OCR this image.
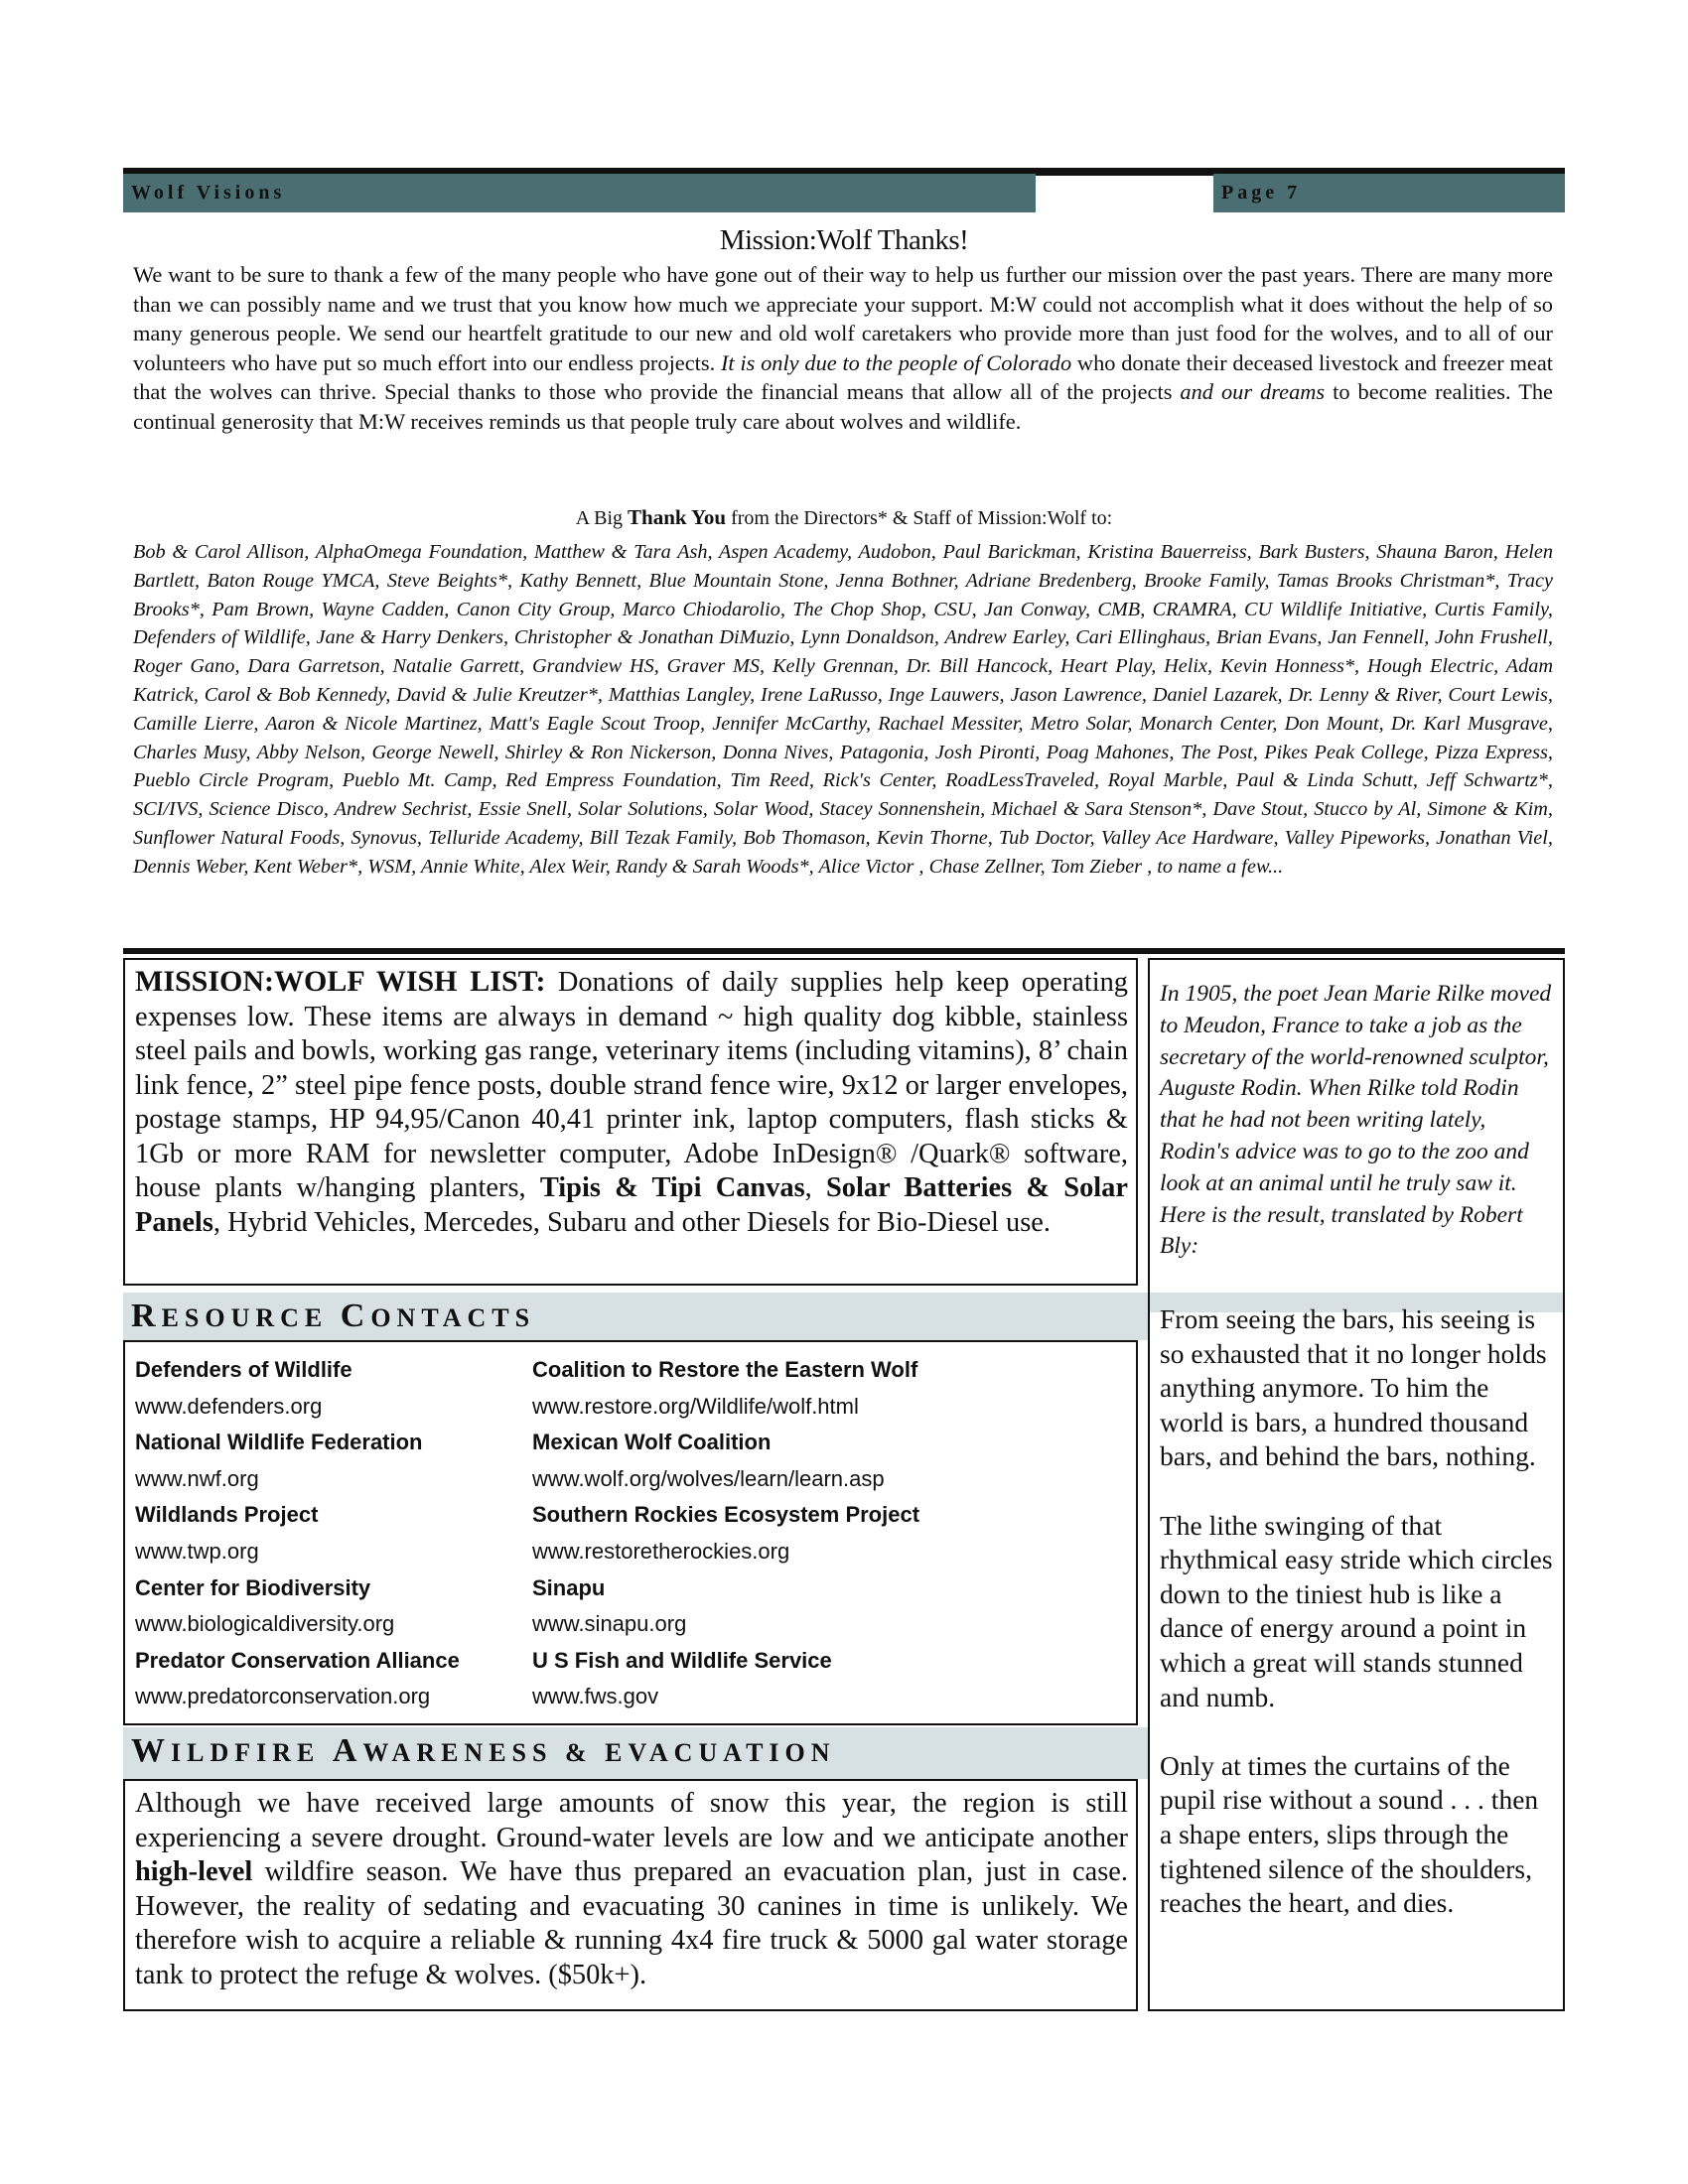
Wolf Visions	Page 7
Mission:Wolf Thanks!
We want to be sure to thank a few of the many people who have gone out of their way to help us further our mission over the past years. There are many more than we can possibly name and we trust that you know how much we appreciate your support. M:W could not accomplish what it does without the help of so many generous people. We send our heartfelt gratitude to our new and old wolf caretakers who provide more than just food for the wolves, and to all of our volunteers who have put so much effort into our endless projects. It is only due to the people of Colorado who donate their deceased livestock and freezer meat that the wolves can thrive. Special thanks to those who provide the financial means that allow all of the projects and our dreams to become realities. The continual generosity that M:W receives reminds us that people truly care about wolves and wildlife.
A Big Thank You from the Directors* & Staff of Mission:Wolf to:
Bob & Carol Allison, AlphaOmega Foundation, Matthew & Tara Ash, Aspen Academy, Audobon, Paul Barickman, Kristina Bauerreiss, Bark Busters, Shauna Baron, Helen Bartlett, Baton Rouge YMCA, Steve Beights*, Kathy Bennett, Blue Mountain Stone, Jenna Bothner, Adriane Bredenberg, Brooke Family, Tamas Brooks Christman*, Tracy Brooks*, Pam Brown, Wayne Cadden, Canon City Group, Marco Chiodarolio, The Chop Shop, CSU, Jan Conway, CMB, CRAMRA, CU Wildlife Initiative, Curtis Family, Defenders of Wildlife, Jane & Harry Denkers, Christopher & Jonathan DiMuzio, Lynn Donaldson, Andrew Earley, Cari Ellinghaus, Brian Evans, Jan Fennell, John Frushell, Roger Gano, Dara Garretson, Natalie Garrett, Grandview HS, Graver MS, Kelly Grennan, Dr. Bill Hancock, Heart Play, Helix, Kevin Honness*, Hough Electric, Adam Katrick, Carol & Bob Kennedy, David & Julie Kreutzer*, Matthias Langley, Irene LaRusso, Inge Lauwers, Jason Lawrence, Daniel Lazarek, Dr. Lenny & River, Court Lewis, Camille Lierre, Aaron & Nicole Martinez, Matt's Eagle Scout Troop, Jennifer McCarthy, Rachael Messiter, Metro Solar, Monarch Center, Don Mount, Dr. Karl Musgrave, Charles Musy, Abby Nelson, George Newell, Shirley & Ron Nickerson, Donna Nives, Patagonia, Josh Pironti, Poag Mahones, The Post, Pikes Peak College, Pizza Express, Pueblo Circle Program, Pueblo Mt. Camp, Red Empress Foundation, Tim Reed, Rick's Center, RoadLessTraveled, Royal Marble, Paul & Linda Schutt, Jeff Schwartz*, SCI/IVS, Science Disco, Andrew Sechrist, Essie Snell, Solar Solutions, Solar Wood, Stacey Sonnenshein, Michael & Sara Stenson*, Dave Stout, Stucco by Al, Simone & Kim, Sunflower Natural Foods, Synovus, Telluride Academy, Bill Tezak Family, Bob Thomason, Kevin Thorne, Tub Doctor, Valley Ace Hardware, Valley Pipeworks, Jonathan Viel, Dennis Weber, Kent Weber*, WSM, Annie White, Alex Weir, Randy & Sarah Woods*, Alice Victor , Chase Zellner, Tom Zieber , to name a few...
MISSION:WOLF WISH LIST: Donations of daily supplies help keep operating expenses low. These items are always in demand ~ high quality dog kibble, stainless steel pails and bowls, working gas range, veterinary items (including vitamins), 8’ chain link fence, 2” steel pipe fence posts, double strand fence wire, 9x12 or larger envelopes, postage stamps, HP 94,95/Canon 40,41 printer ink, laptop computers, flash sticks & 1Gb or more RAM for newsletter computer, Adobe InDesign® /Quark® software, house plants w/hanging planters, Tipis & Tipi Canvas, Solar Batteries & Solar Panels, Hybrid Vehicles, Mercedes, Subaru and other Diesels for Bio-Diesel use.
RESOURCE CONTACTS
Defenders of Wildlife
www.defenders.org
National Wildlife Federation
www.nwf.org
Wildlands Project
www.twp.org
Center for Biodiversity
www.biologicaldiversity.org
Predator Conservation Alliance
www.predatorconservation.org
Coalition to Restore the Eastern Wolf
www.restore.org/Wildlife/wolf.html
Mexican Wolf Coalition
www.wolf.org/wolves/learn/learn.asp
Southern Rockies Ecosystem Project
www.restoretherockies.org
Sinapu
www.sinapu.org
U S Fish and Wildlife Service
www.fws.gov
WILDFIRE AWARENESS & EVACUATION
Although we have received large amounts of snow this year, the region is still experiencing a severe drought. Ground-water levels are low and we anticipate another high-level wildfire season. We have thus prepared an evacuation plan, just in case. However, the reality of sedating and evacuating 30 canines in time is unlikely. We therefore wish to acquire a reliable & running 4x4 fire truck & 5000 gal water storage tank to protect the refuge & wolves. ($50k+).
In 1905, the poet Jean Marie Rilke moved to Meudon, France to take a job as the secretary of the world-renowned sculptor, Auguste Rodin. When Rilke told Rodin that he had not been writing lately, Rodin's advice was to go to the zoo and look at an animal until he truly saw it. Here is the result, translated by Robert Bly:

From seeing the bars, his seeing is so exhausted that it no longer holds anything anymore. To him the world is bars, a hundred thousand bars, and behind the bars, nothing.

The lithe swinging of that rhythmical easy stride which circles down to the tiniest hub is like a dance of energy around a point in which a great will stands stunned and numb.

Only at times the curtains of the pupil rise without a sound . . . then a shape enters, slips through the tightened silence of the shoulders, reaches the heart, and dies.
